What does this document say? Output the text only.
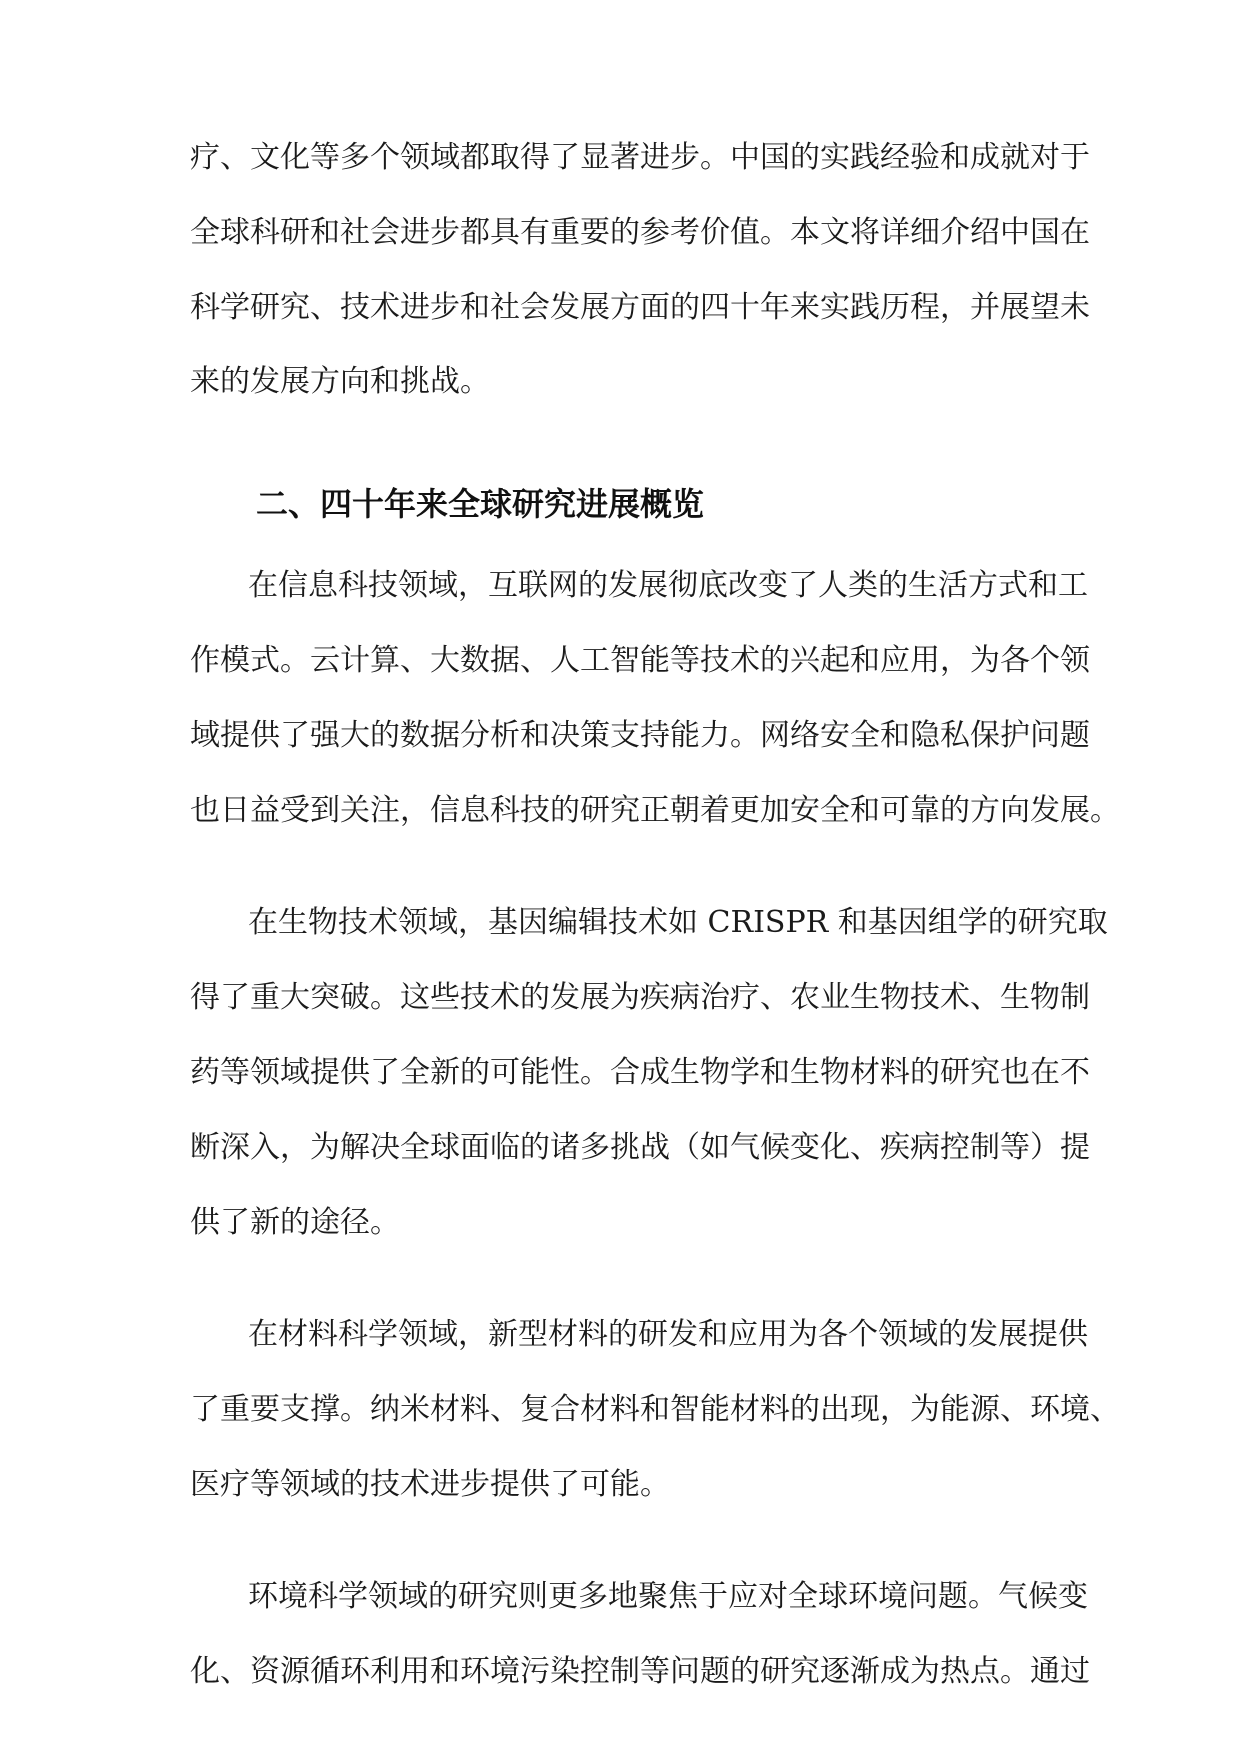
疗、文化等多个领域都取得了显著进步。中国的实践经验和成就对于
全球科研和社会进步都具有重要的参考价值。本文将详细介绍中国在
科学研究、技术进步和社会发展方面的四十年来实践历程，并展望未
来的发展方向和挑战。
二、四十年来全球研究进展概览
在信息科技领域，互联网的发展彻底改变了人类的生活方式和工
作模式。云计算、大数据、人工智能等技术的兴起和应用，为各个领
域提供了强大的数据分析和决策支持能力。网络安全和隐私保护问题
也日益受到关注，信息科技的研究正朝着更加安全和可靠的方向发展。
在生物技术领域，基因编辑技术如 CRISPR 和基因组学的研究取
得了重大突破。这些技术的发展为疾病治疗、农业生物技术、生物制
药等领域提供了全新的可能性。合成生物学和生物材料的研究也在不
断深入，为解决全球面临的诸多挑战（如气候变化、疾病控制等）提
供了新的途径。
在材料科学领域，新型材料的研发和应用为各个领域的发展提供
了重要支撑。纳米材料、复合材料和智能材料的出现，为能源、环境、
医疗等领域的技术进步提供了可能。
环境科学领域的研究则更多地聚焦于应对全球环境问题。气候变
化、资源循环利用和环境污染控制等问题的研究逐渐成为热点。通过
